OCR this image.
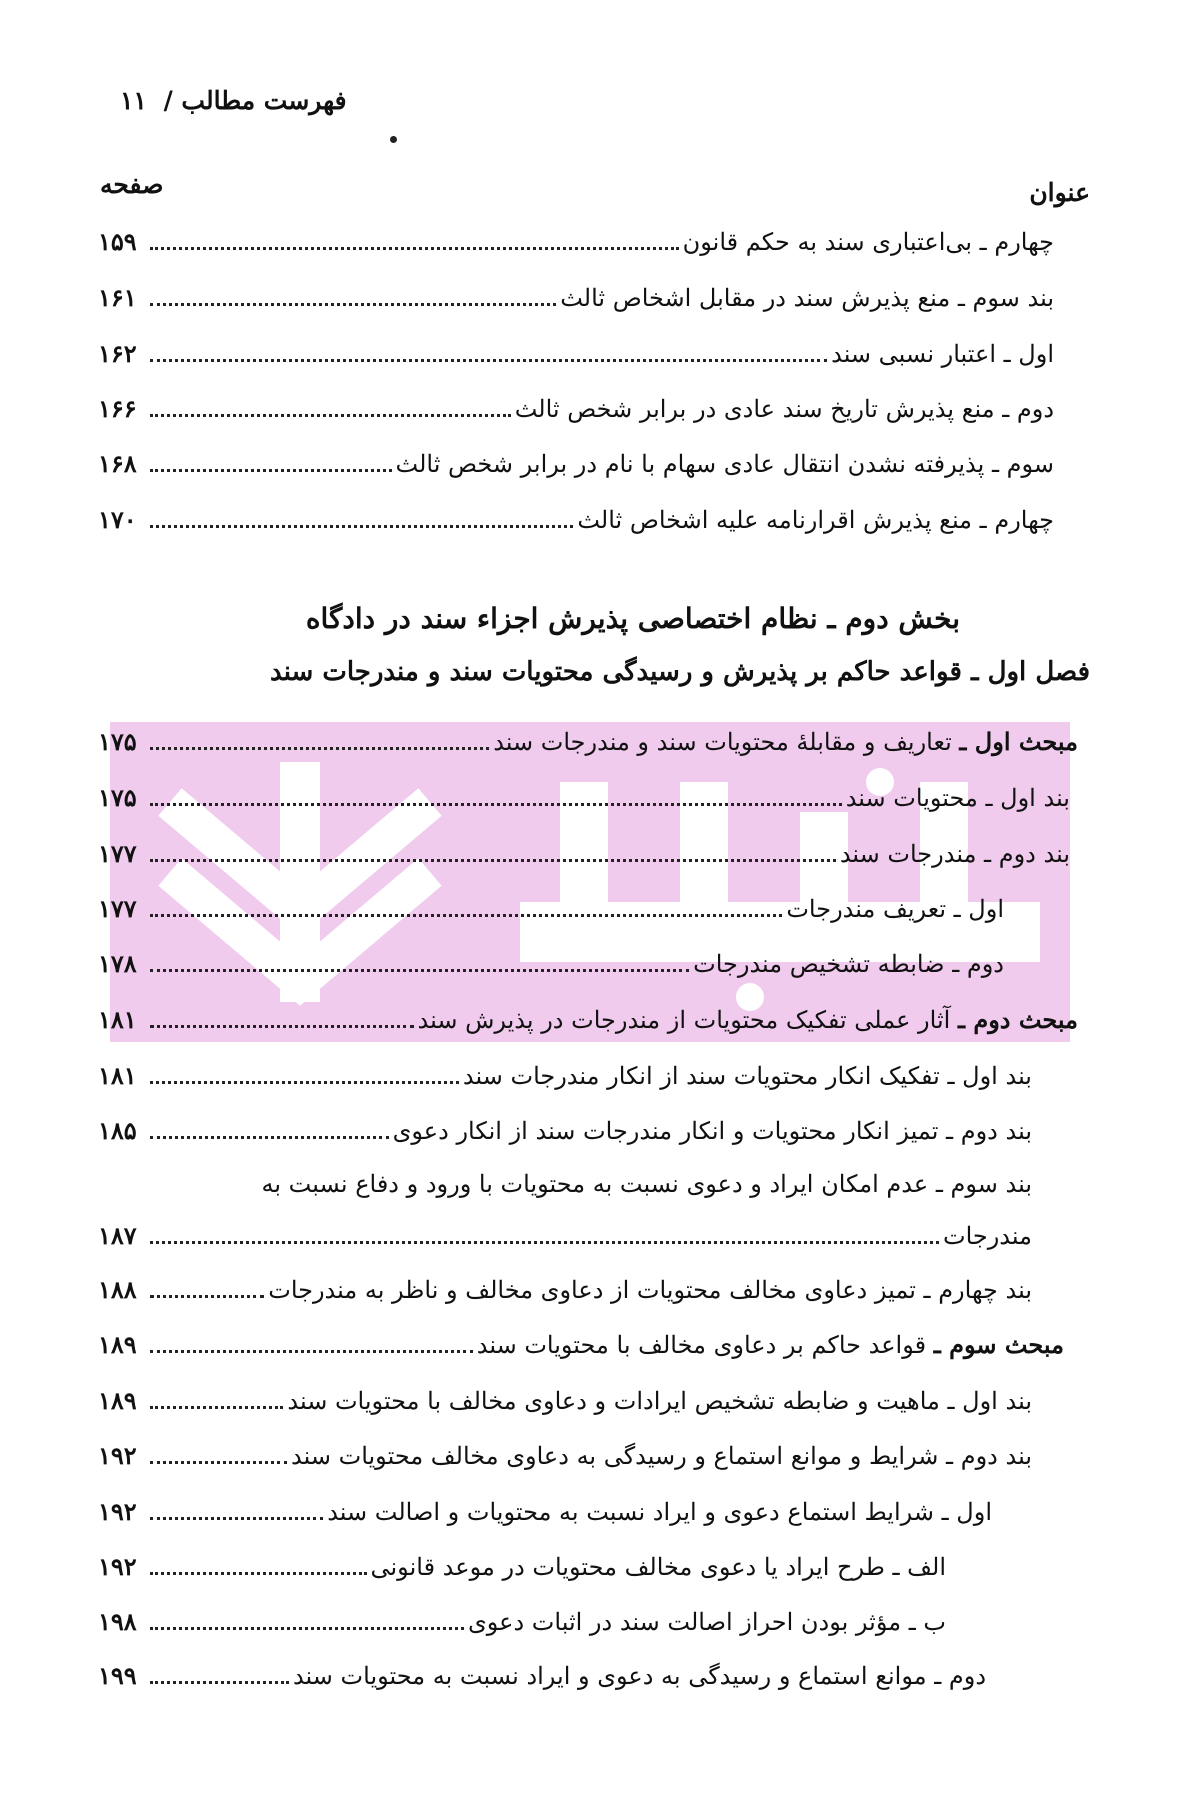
فهرست مطالب / ۱۱
صفحه	عنوان
چهارم ـ بی‌اعتباری سند به حکم قانون
۱۵۹
بند سوم ـ منع پذیرش سند در مقابل اشخاص ثالث
۱۶۱
اول ـ اعتبار نسبی سند
۱۶۲
دوم ـ منع پذیرش تاریخ سند عادی در برابر شخص ثالث
۱۶۶
سوم ـ پذیرفته نشدن انتقال عادی سهام با نام در برابر شخص ثالث
۱۶۸
چهارم ـ منع پذیرش اقرارنامه علیه اشخاص ثالث
۱۷۰
بخش دوم ـ نظام اختصاصی پذیرش اجزاء سند در دادگاه
فصل اول ـ قواعد حاکم بر پذیرش و رسیدگی محتویات سند و مندرجات سند
مبحث اول ـ تعاریف و مقابلهٔ محتویات سند و مندرجات سند
۱۷۵
بند اول ـ محتویات سند
۱۷۵
بند دوم ـ مندرجات سند
۱۷۷
اول ـ تعریف مندرجات
۱۷۷
دوم ـ ضابطه تشخیص مندرجات
۱۷۸
مبحث دوم ـ آثار عملی تفکیک محتویات از مندرجات در پذیرش سند
۱۸۱
بند اول ـ تفکیک انکار محتویات سند از انکار مندرجات سند
۱۸۱
بند دوم ـ تمیز انکار محتویات و انکار مندرجات سند از انکار دعوی
۱۸۵
بند سوم ـ عدم امکان ایراد و دعوی نسبت به محتویات با ورود و دفاع نسبت به
مندرجات
۱۸۷
بند چهارم ـ تمیز دعاوی مخالف محتویات از دعاوی مخالف و ناظر به مندرجات
۱۸۸
مبحث سوم ـ قواعد حاکم بر دعاوی مخالف با محتویات سند
۱۸۹
بند اول ـ ماهیت و ضابطه تشخیص ایرادات و دعاوی مخالف با محتویات سند
۱۸۹
بند دوم ـ شرایط و موانع استماع و رسیدگی به دعاوی مخالف محتویات سند
۱۹۲
اول ـ شرایط استماع دعوی و ایراد نسبت به محتویات و اصالت سند
۱۹۲
الف ـ طرح ایراد یا دعوی مخالف محتویات در موعد قانونی
۱۹۲
ب ـ مؤثر بودن احراز اصالت سند در اثبات دعوی
۱۹۸
دوم ـ موانع استماع و رسیدگی به دعوی و ایراد نسبت به محتویات سند
۱۹۹
